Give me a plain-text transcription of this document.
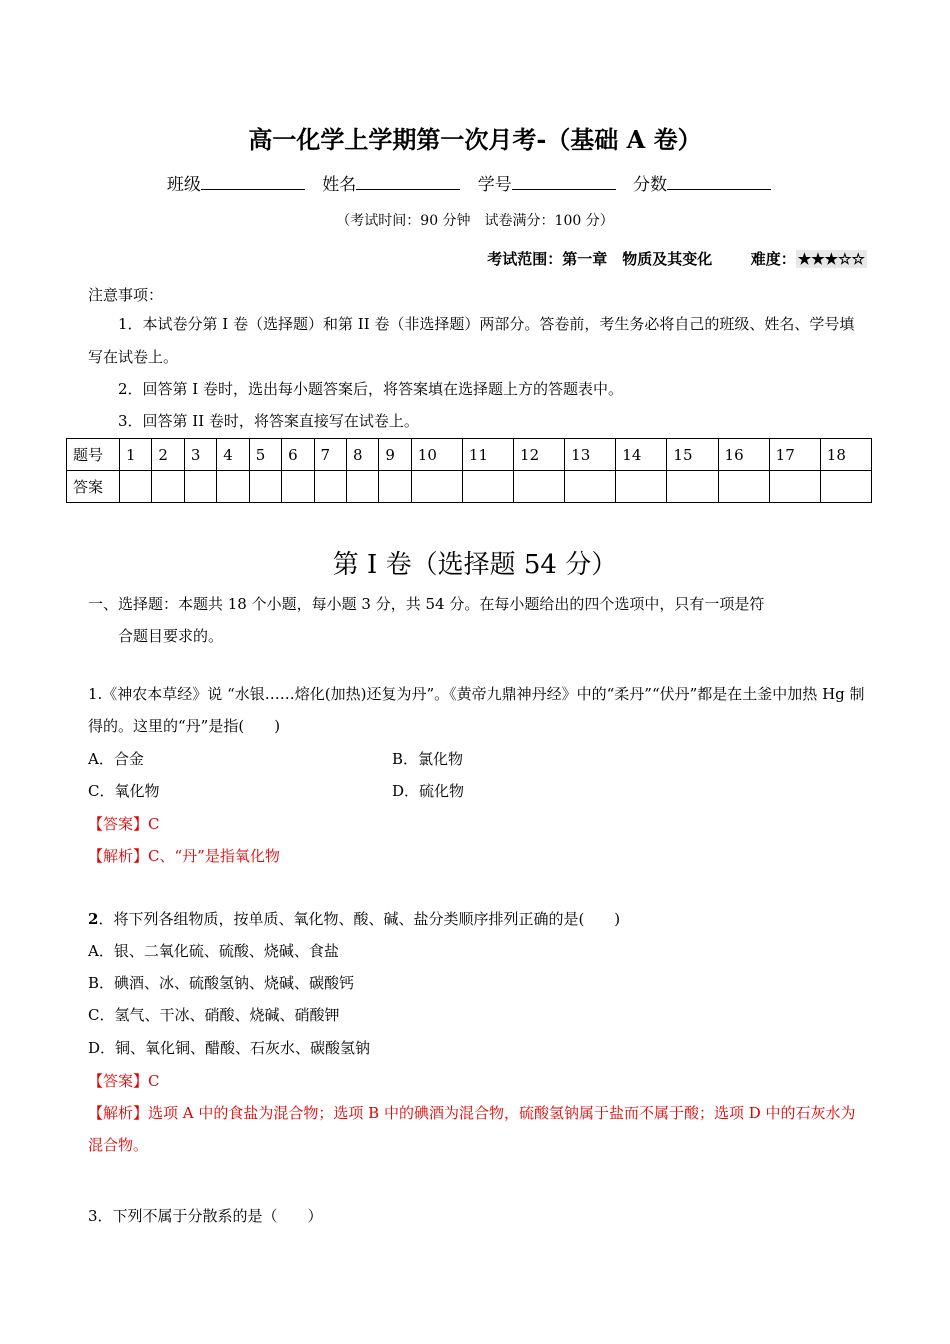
高一化学上学期第一次月考-（基础 A 卷）
班级	姓名	学号	分数
（考试时间：90 分钟　试卷满分：100 分）
考试范围：第一章　物质及其变化	难度： ★★★☆☆
注意事项：
1．本试卷分第 I 卷（选择题）和第 II 卷（非选择题）两部分。答卷前，考生务必将自己的班级、姓名、学号填写在试卷上。
2．回答第 I 卷时，选出每小题答案后，将答案填在选择题上方的答题表中。
3．回答第 II 卷时，将答案直接写在试卷上。
题号	1	2	3	4	5	6	7	8	9	10	11	12	13	14	15	16	17	18
答案																		
第 I 卷（选择题 54 分）
一、选择题：本题共 18 个小题，每小题 3 分，共 54 分。在每小题给出的四个选项中，只有一项是符
合题目要求的。
1.《神农本草经》说 “水银……熔化(加热)还复为丹”。《黄帝九鼎神丹经》中的“柔丹”“伏丹”都是在土釜中加热 Hg 制得的。这里的“丹”是指(　　)
A．合金	B．氯化物
C．氧化物	D．硫化物
【答案】C
【解析】C、“丹”是指氧化物
2．将下列各组物质，按单质、氧化物、酸、碱、盐分类顺序排列正确的是(　　)
A．银、二氧化硫、硫酸、烧碱、食盐
B．碘酒、冰、硫酸氢钠、烧碱、碳酸钙
C．氢气、干冰、硝酸、烧碱、硝酸钾
D．铜、氧化铜、醋酸、石灰水、碳酸氢钠
【答案】C
【解析】选项 A 中的食盐为混合物；选项 B 中的碘酒为混合物，硫酸氢钠属于盐而不属于酸；选项 D 中的石灰水为混合物。
3．下列不属于分散系的是（　　）
